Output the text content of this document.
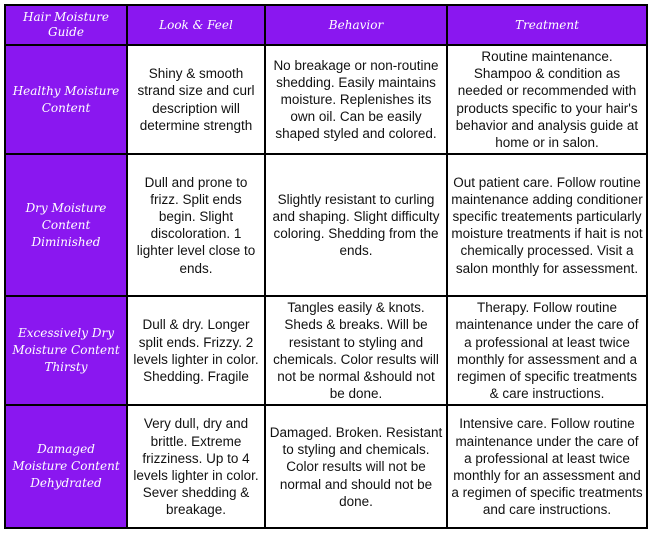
Hair Moisture Guide	Look & Feel	Behavior	Treatment
Healthy Moisture Content	Shiny & smooth strand size and curl description will determine strength	No breakage or non-routine shedding. Easily maintains moisture. Replenishes its own oil. Can be easily shaped styled and colored.	Routine maintenance. Shampoo & condition as needed or recommended with products specific to your hair's behavior and analysis guide at home or in salon.
Dry Moisture Content Diminished	Dull and prone to frizz. Split ends begin. Slight discoloration. 1 lighter level close to ends.	Slightly resistant to curling and shaping. Slight difficulty coloring. Shedding from the ends.	Out patient care. Follow routine maintenance adding conditioner specific treatements particularly moisture treatments if hait is not chemically processed. Visit a salon monthly for assessment.
Excessively Dry Moisture Content Thirsty	Dull & dry. Longer split ends. Frizzy. 2 levels lighter in color. Shedding. Fragile	Tangles easily & knots. Sheds & breaks. Will be resistant to styling and chemicals. Color results will not be normal &should not be done.	Therapy. Follow routine maintenance under the care of a professional at least twice monthly for assessment and a regimen of specific treatments & care instructions.
Damaged Moisture Content Dehydrated	Very dull, dry and brittle. Extreme frizziness. Up to 4 levels lighter in color. Sever shedding & breakage.	Damaged. Broken. Resistant to styling and chemicals. Color results will not be normal and should not be done.	Intensive care. Follow routine maintenance under the care of a professional at least twice monthly for an assessment and a regimen of specific treatments and care instructions.
